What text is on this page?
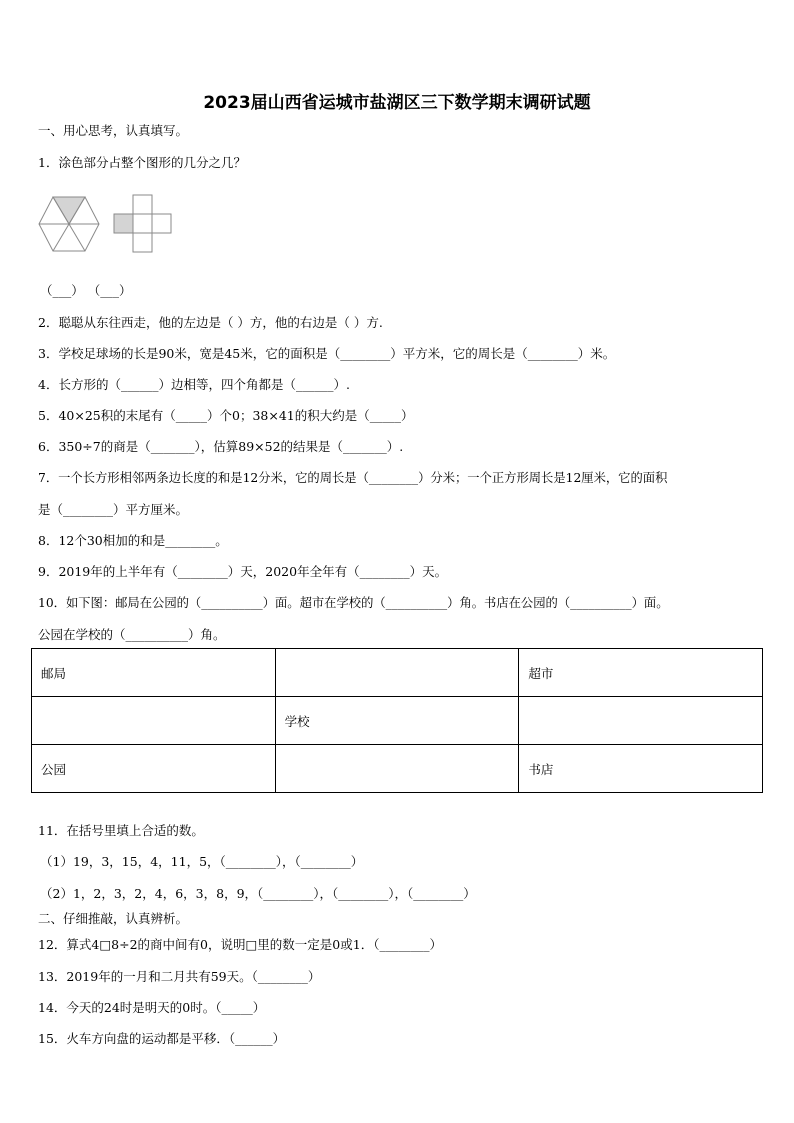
2023届山西省运城市盐湖区三下数学期末调研试题
一、用心思考，认真填写。
1．涂色部分占整个图形的几分之几？
（___） （___）
2．聪聪从东往西走，他的左边是（ ）方，他的右边是（ ）方.
3．学校足球场的长是90米，宽是45米，它的面积是（________）平方米，它的周长是（________）米。
4．长方形的（______）边相等，四个角都是（______）.
5．40×25积的末尾有（_____）个0；38×41的积大约是（_____）
6．350÷7的商是（_______），估算89×52的结果是（_______）.
7．一个长方形相邻两条边长度的和是12分米，它的周长是（________）分米；一个正方形周长是12厘米，它的面积
是（________）平方厘米。
8．12个30相加的和是________。
9．2019年的上半年有（________）天，2020年全年有（________）天。
10．如下图：邮局在公园的（__________）面。超市在学校的（__________）角。书店在公园的（__________）面。
公园在学校的（__________）角。
邮局		超市
	学校	
公园		书店
11．在括号里填上合适的数。
（1）19，3，15，4，11，5，（________），（________）
（2）1，2，3，2，4，6，3，8，9，（________），（________），（________）
二、仔细推敲，认真辨析。
12．算式4□8÷2的商中间有0，说明□里的数一定是0或1．（________）
13．2019年的一月和二月共有59天。（________）
14．今天的24时是明天的0时。（_____）
15．火车方向盘的运动都是平移．（______）
